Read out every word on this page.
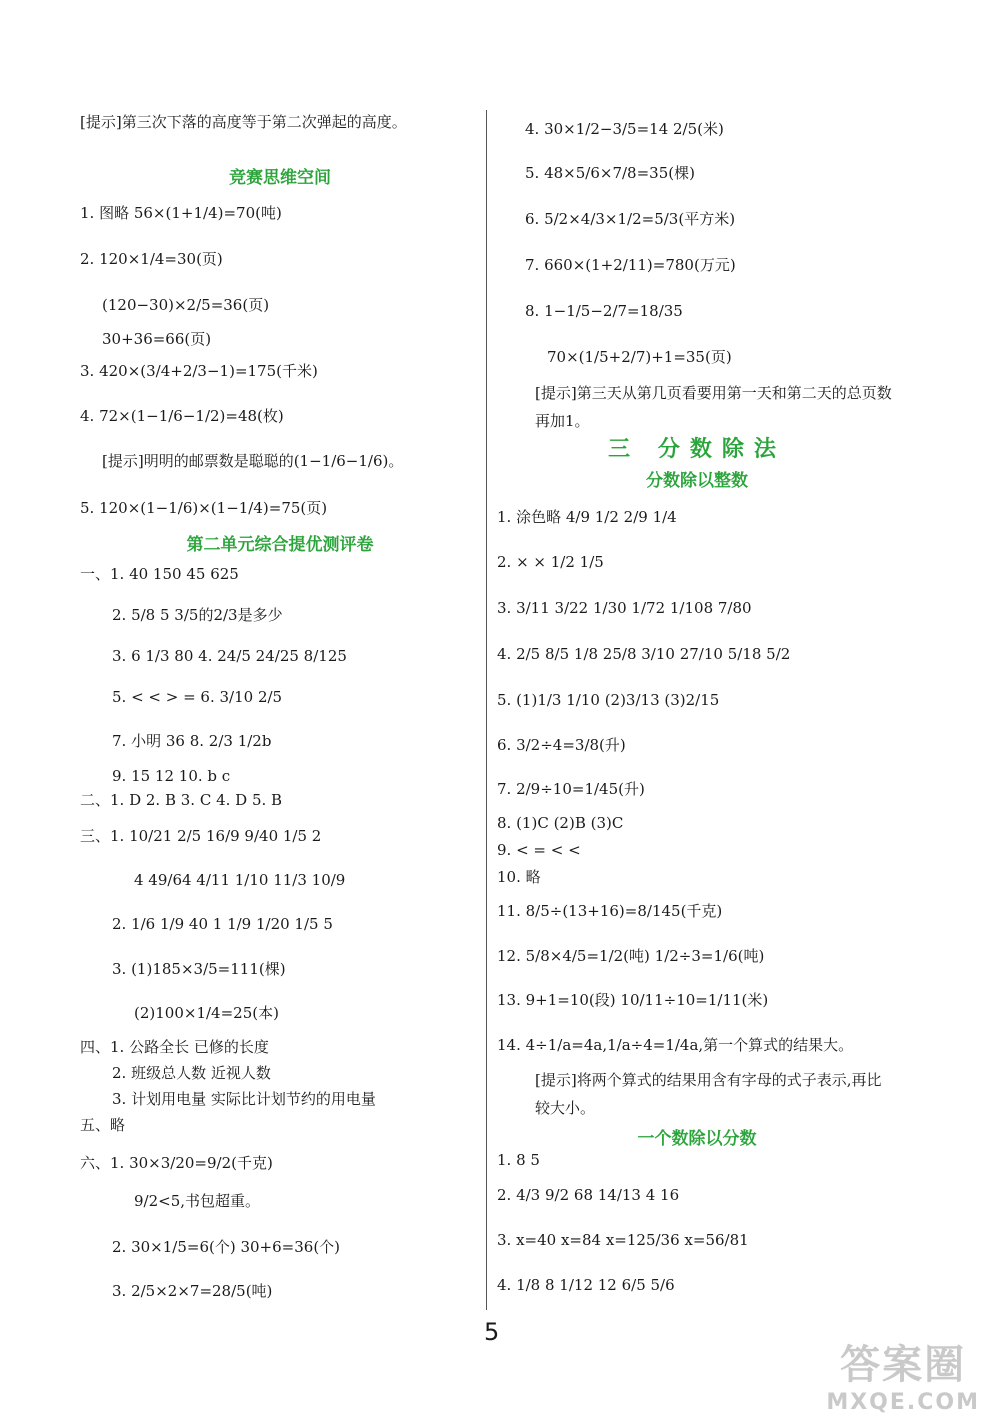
[提示]第三次下落的高度等于第二次弹起的高度。
竞赛思维空间
1. 图略 56×(1+1/4)=70(吨)
2. 120×1/4=30(页)
(120−30)×2/5=36(页)
30+36=66(页)
3. 420×(3/4+2/3−1)=175(千米)
4. 72×(1−1/6−1/2)=48(枚)
[提示]明明的邮票数是聪聪的(1−1/6−1/6)。
5. 120×(1−1/6)×(1−1/4)=75(页)
第二单元综合提优测评卷
一、1. 40 150 45 625
2. 5/8 5 3/5的2/3是多少
3. 6 1/3 80 4. 24/5 24/25 8/125
5. < < > = 6. 3/10 2/5
7. 小明 36 8. 2/3 1/2b
9. 15 12 10. b c
二、1. D 2. B 3. C 4. D 5. B
三、1. 10/21 2/5 16/9 9/40 1/5 2
4 49/64 4/11 1/10 11/3 10/9
2. 1/6 1/9 40 1 1/9 1/20 1/5 5
3. (1)185×3/5=111(棵)
(2)100×1/4=25(本)
四、1. 公路全长 已修的长度
2. 班级总人数 近视人数
3. 计划用电量 实际比计划节约的用电量
五、略
六、1. 30×3/20=9/2(千克)
9/2<5,书包超重。
2. 30×1/5=6(个) 30+6=36(个)
3. 2/5×2×7=28/5(吨)
4. 30×1/2−3/5=14 2/5(米)
5. 48×5/6×7/8=35(棵)
6. 5/2×4/3×1/2=5/3(平方米)
7. 660×(1+2/11)=780(万元)
8. 1−1/5−2/7=18/35
70×(1/5+2/7)+1=35(页)
[提示]第三天从第几页看要用第一天和第二天的总页数再加1。
三 分数除法
分数除以整数
1. 涂色略 4/9 1/2 2/9 1/4
2. × × 1/2 1/5
3. 3/11 3/22 1/30 1/72 1/108 7/80
4. 2/5 8/5 1/8 25/8 3/10 27/10 5/18 5/2
5. (1)1/3 1/10 (2)3/13 (3)2/15
6. 3/2÷4=3/8(升)
7. 2/9÷10=1/45(升)
8. (1)C (2)B (3)C
9. < = < <
10. 略
11. 8/5÷(13+16)=8/145(千克)
12. 5/8×4/5=1/2(吨) 1/2÷3=1/6(吨)
13. 9+1=10(段) 10/11÷10=1/11(米)
14. 4÷1/a=4a,1/a÷4=1/4a,第一个算式的结果大。
[提示]将两个算式的结果用含有字母的式子表示,再比较大小。
一个数除以分数
1. 8 5
2. 4/3 9/2 68 14/13 4 16
3. x=40 x=84 x=125/36 x=56/81
4. 1/8 8 1/12 12 6/5 5/6
5
答案圈
MXQE.COM
